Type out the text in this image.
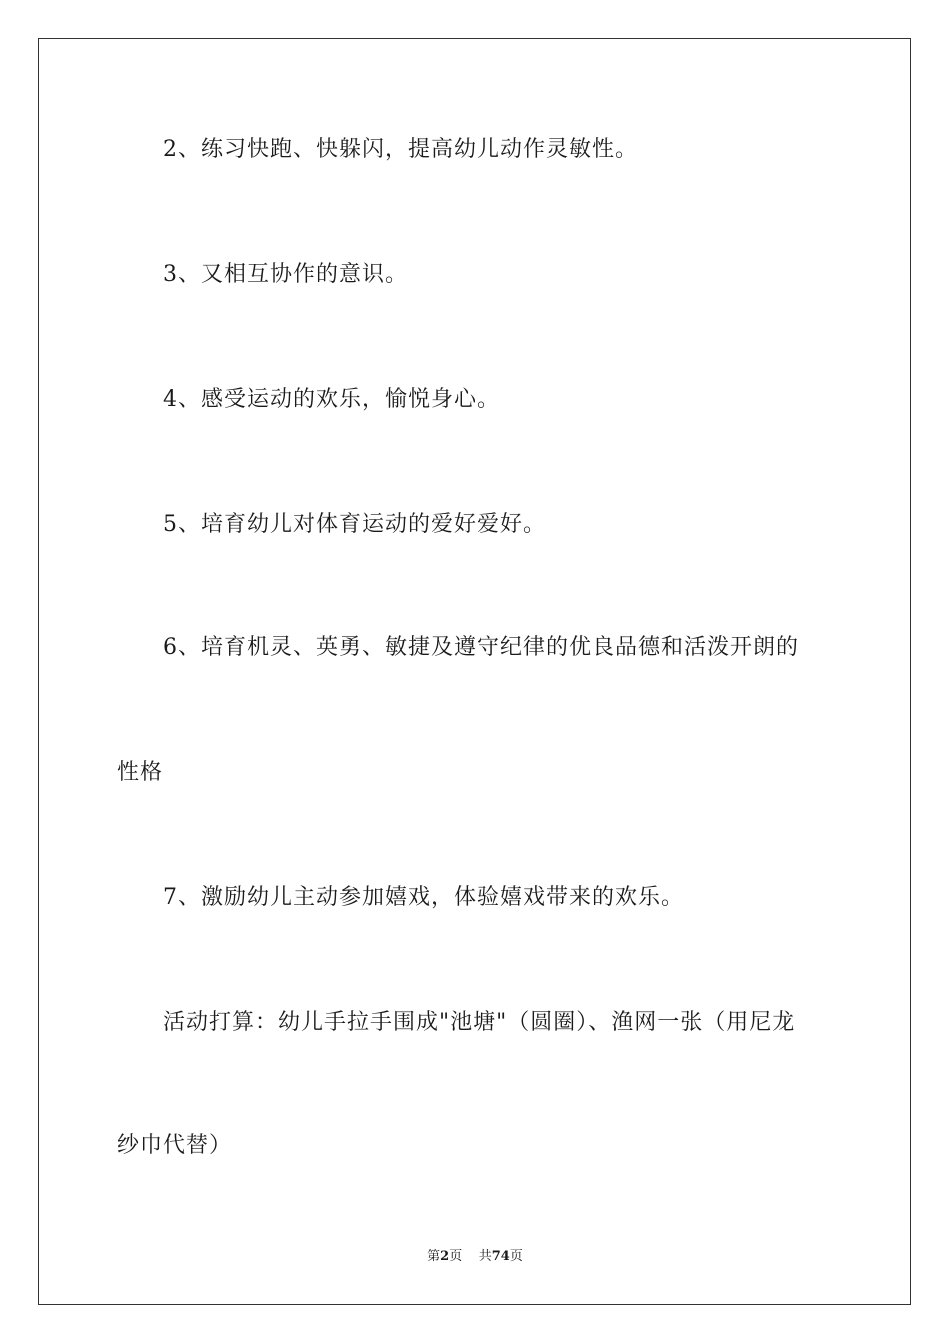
2、练习快跑、快躲闪，提高幼儿动作灵敏性。
3、又相互协作的意识。
4、感受运动的欢乐，愉悦身心。
5、培育幼儿对体育运动的爱好爱好。
6、培育机灵、英勇、敏捷及遵守纪律的优良品德和活泼开朗的
性格
7、激励幼儿主动参加嬉戏，体验嬉戏带来的欢乐。
活动打算：幼儿手拉手围成"池塘"（圆圈）、渔网一张（用尼龙
纱巾代替）
第2页 共74页
